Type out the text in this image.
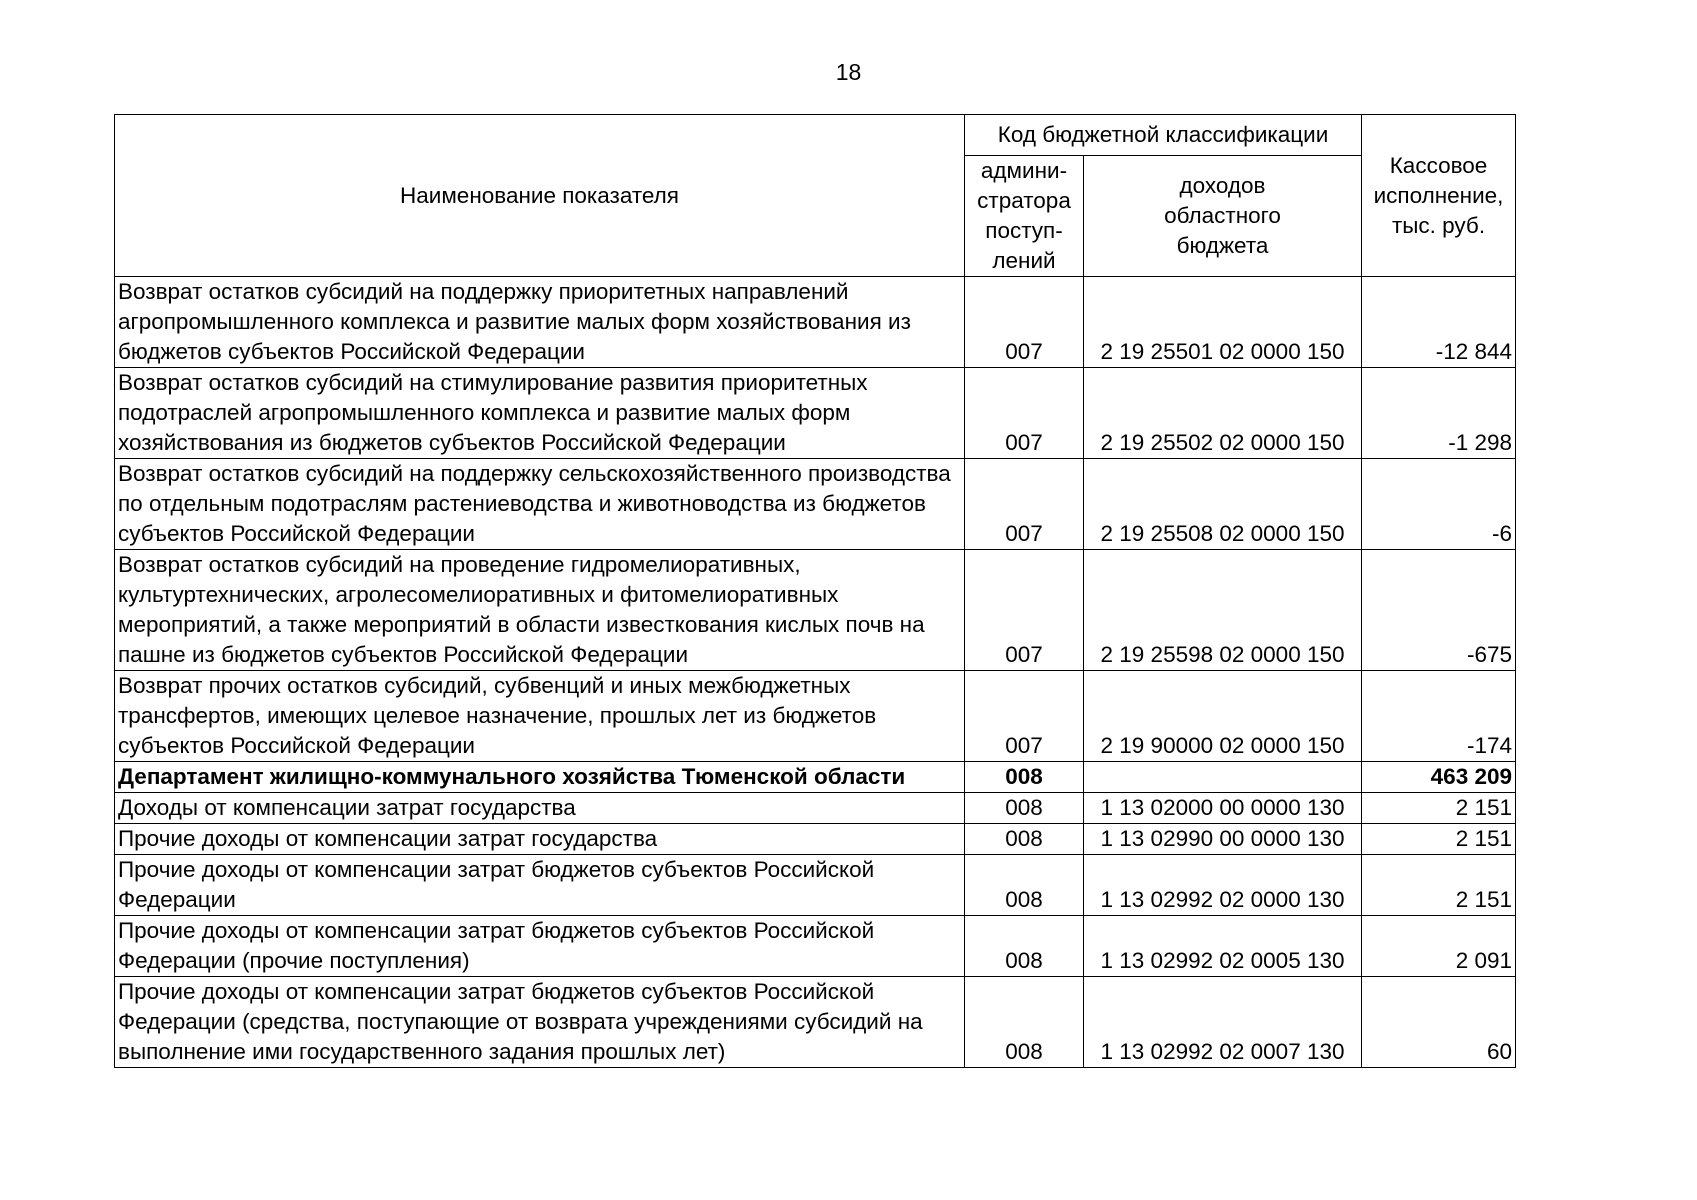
18
Наименование показателя	Код бюджетной классификации		Кассовое
исполнение,
тыс. руб.
	админи-
стратора
поступ-
лений	доходов
областного
бюджета	
Возврат остатков субсидий на поддержку приоритетных направлений агропромышленного комплекса и развитие малых форм хозяйствования из бюджетов субъектов Российской Федерации	007	2 19 25501 02 0000 150	-12 844
Возврат остатков субсидий на стимулирование развития приоритетных подотраслей агропромышленного комплекса и развитие малых форм хозяйствования из бюджетов субъектов Российской Федерации	007	2 19 25502 02 0000 150	-1 298
Возврат остатков субсидий на поддержку сельскохозяйственного производства по отдельным подотраслям растениеводства и животноводства из бюджетов субъектов Российской Федерации	007	2 19 25508 02 0000 150	-6
Возврат остатков субсидий на проведение гидромелиоративных, культуртехнических, агролесомелиоративных и фитомелиоративных мероприятий, а также мероприятий в области известкования кислых почв на пашне из бюджетов субъектов Российской Федерации	007	2 19 25598 02 0000 150	-675
Возврат прочих остатков субсидий, субвенций и иных межбюджетных трансфертов, имеющих целевое назначение, прошлых лет из бюджетов субъектов Российской Федерации	007	2 19 90000 02 0000 150	-174
Департамент жилищно-коммунального хозяйства Тюменской области	008		463 209
Доходы от компенсации затрат государства	008	1 13 02000 00 0000 130	2 151
Прочие доходы от компенсации затрат государства	008	1 13 02990 00 0000 130	2 151
Прочие доходы от компенсации затрат бюджетов субъектов Российской Федерации	008	1 13 02992 02 0000 130	2 151
Прочие доходы от компенсации затрат бюджетов субъектов Российской Федерации (прочие поступления)	008	1 13 02992 02 0005 130	2 091
Прочие доходы от компенсации затрат бюджетов субъектов Российской Федерации (средства, поступающие от возврата учреждениями субсидий на выполнение ими государственного задания прошлых лет)	008	1 13 02992 02 0007 130	60
